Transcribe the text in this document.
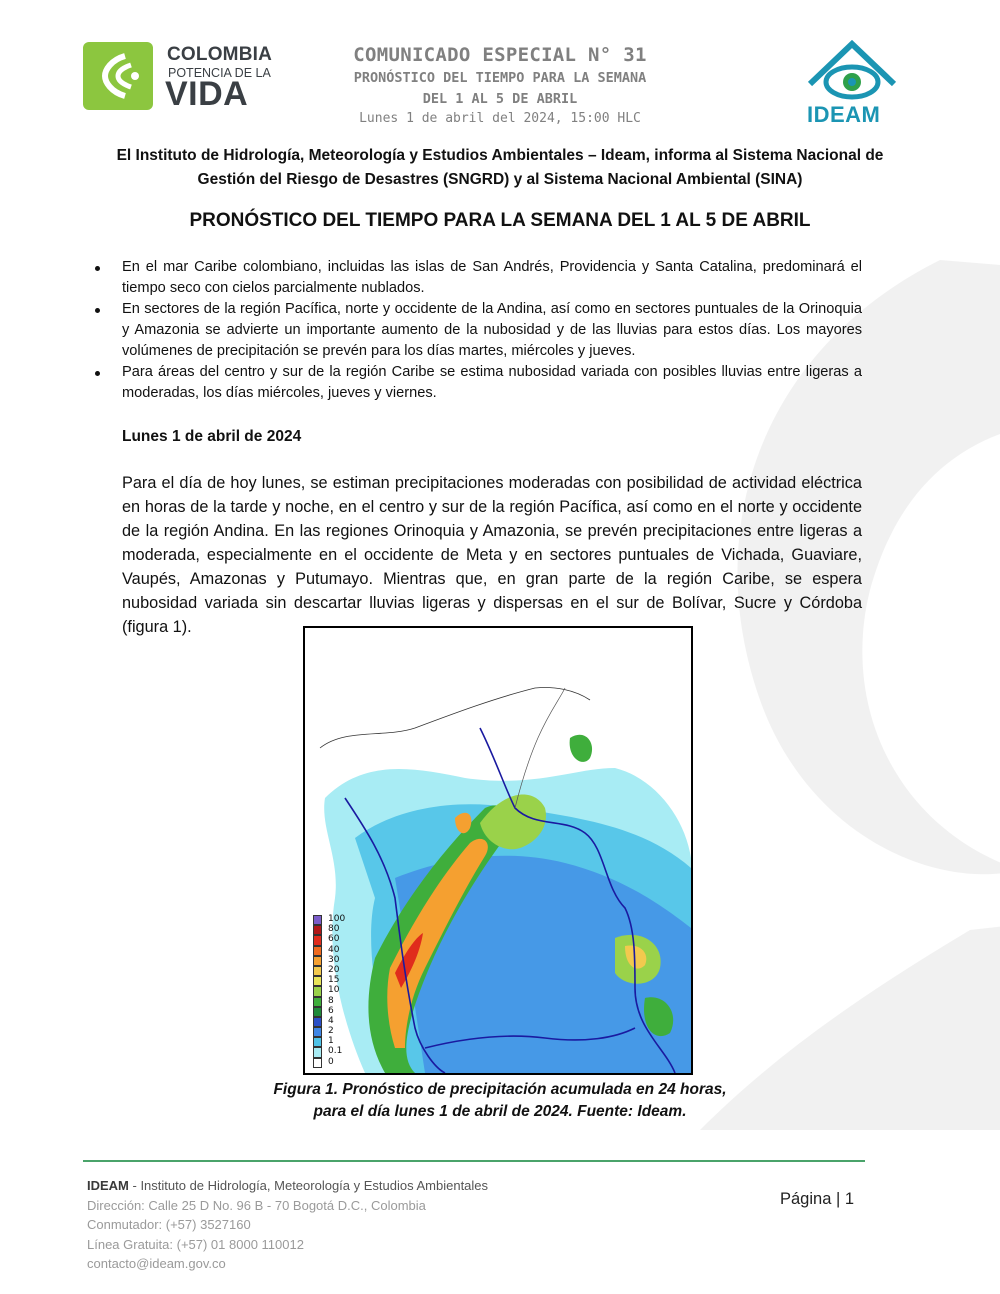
COLOMBIA
POTENCIA DE LA
VIDA
COMUNICADO ESPECIAL N° 31
PRONÓSTICO DEL TIEMPO PARA LA SEMANA
DEL 1 AL 5 DE ABRIL
Lunes 1 de abril del 2024, 15:00 HLC	IDEAM
El Instituto de Hidrología, Meteorología y Estudios Ambientales – Ideam, informa al Sistema Nacional de Gestión del Riesgo de Desastres (SNGRD) y al Sistema Nacional Ambiental (SINA)
PRONÓSTICO DEL TIEMPO PARA LA SEMANA DEL 1 AL 5 DE ABRIL
En el mar Caribe colombiano, incluidas las islas de San Andrés, Providencia y Santa Catalina, predominará el tiempo seco con cielos parcialmente nublados.
En sectores de la región Pacífica, norte y occidente de la Andina, así como en sectores puntuales de la Orinoquia y Amazonia se advierte un importante aumento de la nubosidad y de las lluvias para estos días. Los mayores volúmenes de precipitación se prevén para los días martes, miércoles y jueves.
Para áreas del centro y sur de la región Caribe se estima nubosidad variada con posibles lluvias entre ligeras a moderadas, los días miércoles, jueves y viernes.
Lunes 1 de abril de 2024
Para el día de hoy lunes, se estiman precipitaciones moderadas con posibilidad de actividad eléctrica en horas de la tarde y noche, en el centro y sur de la región Pacífica, así como en el norte y occidente de la región Andina. En las regiones Orinoquia y Amazonia, se prevén precipitaciones entre ligeras a moderada, especialmente en el occidente de Meta y en sectores puntuales de Vichada, Guaviare, Vaupés, Amazonas y Putumayo. Mientras que, en gran parte de la región Caribe, se espera nubosidad variada sin descartar lluvias ligeras y dispersas en el sur de Bolívar, Sucre y Córdoba (figura 1).
100
80
60
40
30
20
15
10
8
6
4
2
1
0.1
0
Figura 1. Pronóstico de precipitación acumulada en 24 horas,
para el día lunes 1 de abril de 2024. Fuente: Ideam.
IDEAM - Instituto de Hidrología, Meteorología y Estudios Ambientales
Dirección: Calle 25 D No. 96 B - 70 Bogotá D.C., Colombia
Conmutador: (+57) 3527160
Línea Gratuita: (+57) 01 8000 110012
contacto@ideam.gov.co
Página | 1
